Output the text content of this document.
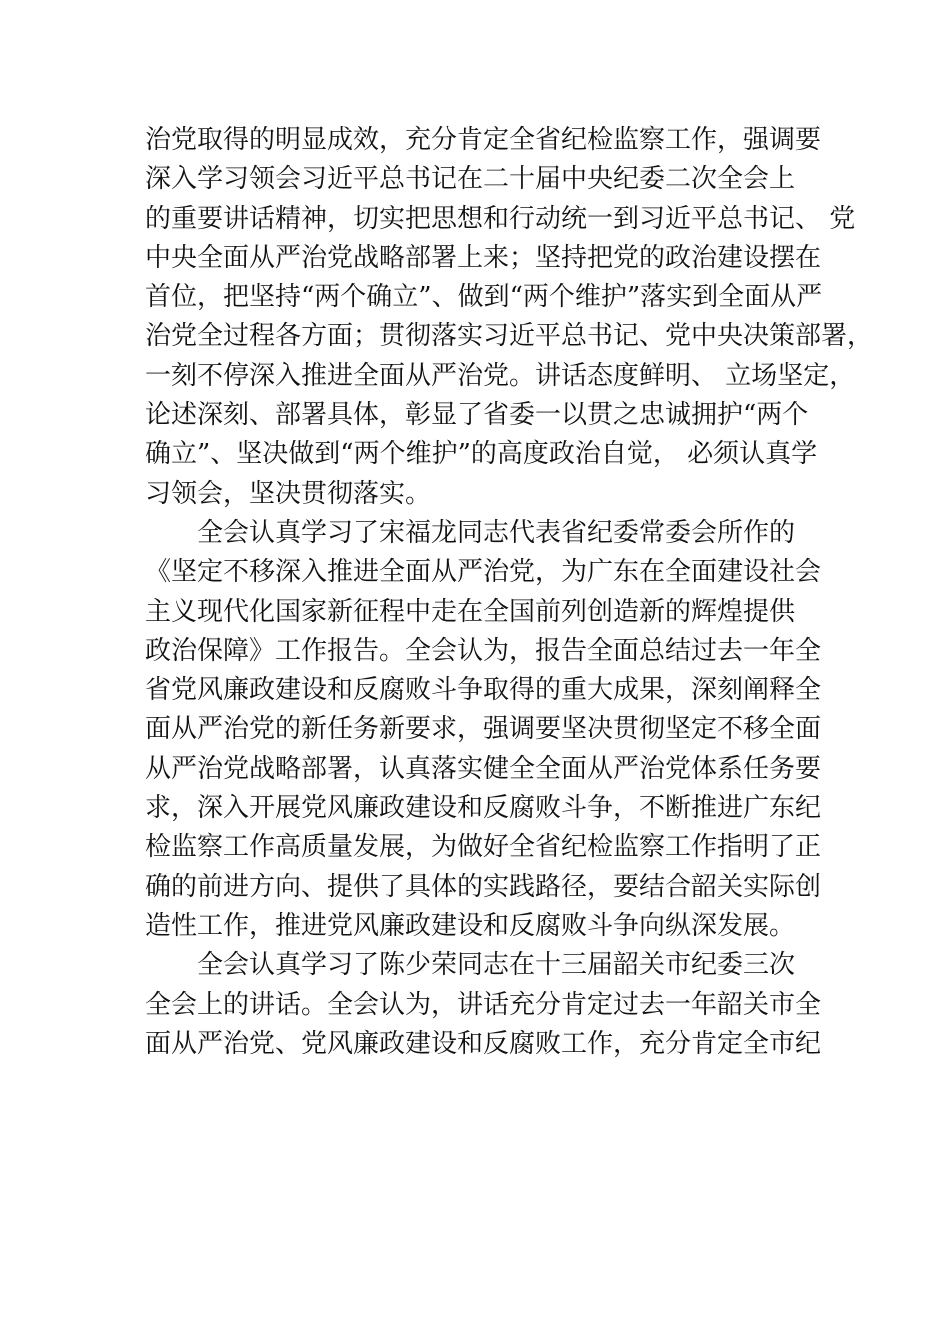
治党取得的明显成效，充分肯定全省纪检监察工作，强调要
深入学习领会习近平总书记在二十届中央纪委二次全会上
的重要讲话精神，切实把思想和行动统一到习近平总书记、 党
中央全面从严治党战略部署上来；坚持把党的政治建设摆在
首位，把坚持“两个确立”、做到“两个维护”落实到全面从严
治党全过程各方面；贯彻落实习近平总书记、党中央决策部署，
一刻不停深入推进全面从严治党。讲话态度鲜明、 立场坚定，
论述深刻、部署具体，彰显了省委一以贯之忠诚拥护“两个
确立”、坚决做到“两个维护”的高度政治自觉， 必须认真学
习领会，坚决贯彻落实。
全会认真学习了宋福龙同志代表省纪委常委会所作的
《坚定不移深入推进全面从严治党，为广东在全面建设社会
主义现代化国家新征程中走在全国前列创造新的辉煌提供
政治保障》工作报告。全会认为，报告全面总结过去一年全
省党风廉政建设和反腐败斗争取得的重大成果，深刻阐释全
面从严治党的新任务新要求，强调要坚决贯彻坚定不移全面
从严治党战略部署，认真落实健全全面从严治党体系任务要
求，深入开展党风廉政建设和反腐败斗争，不断推进广东纪
检监察工作高质量发展，为做好全省纪检监察工作指明了正
确的前进方向、提供了具体的实践路径，要结合韶关实际创
造性工作，推进党风廉政建设和反腐败斗争向纵深发展。
全会认真学习了陈少荣同志在十三届韶关市纪委三次
全会上的讲话。全会认为，讲话充分肯定过去一年韶关市全
面从严治党、党风廉政建设和反腐败工作，充分肯定全市纪
